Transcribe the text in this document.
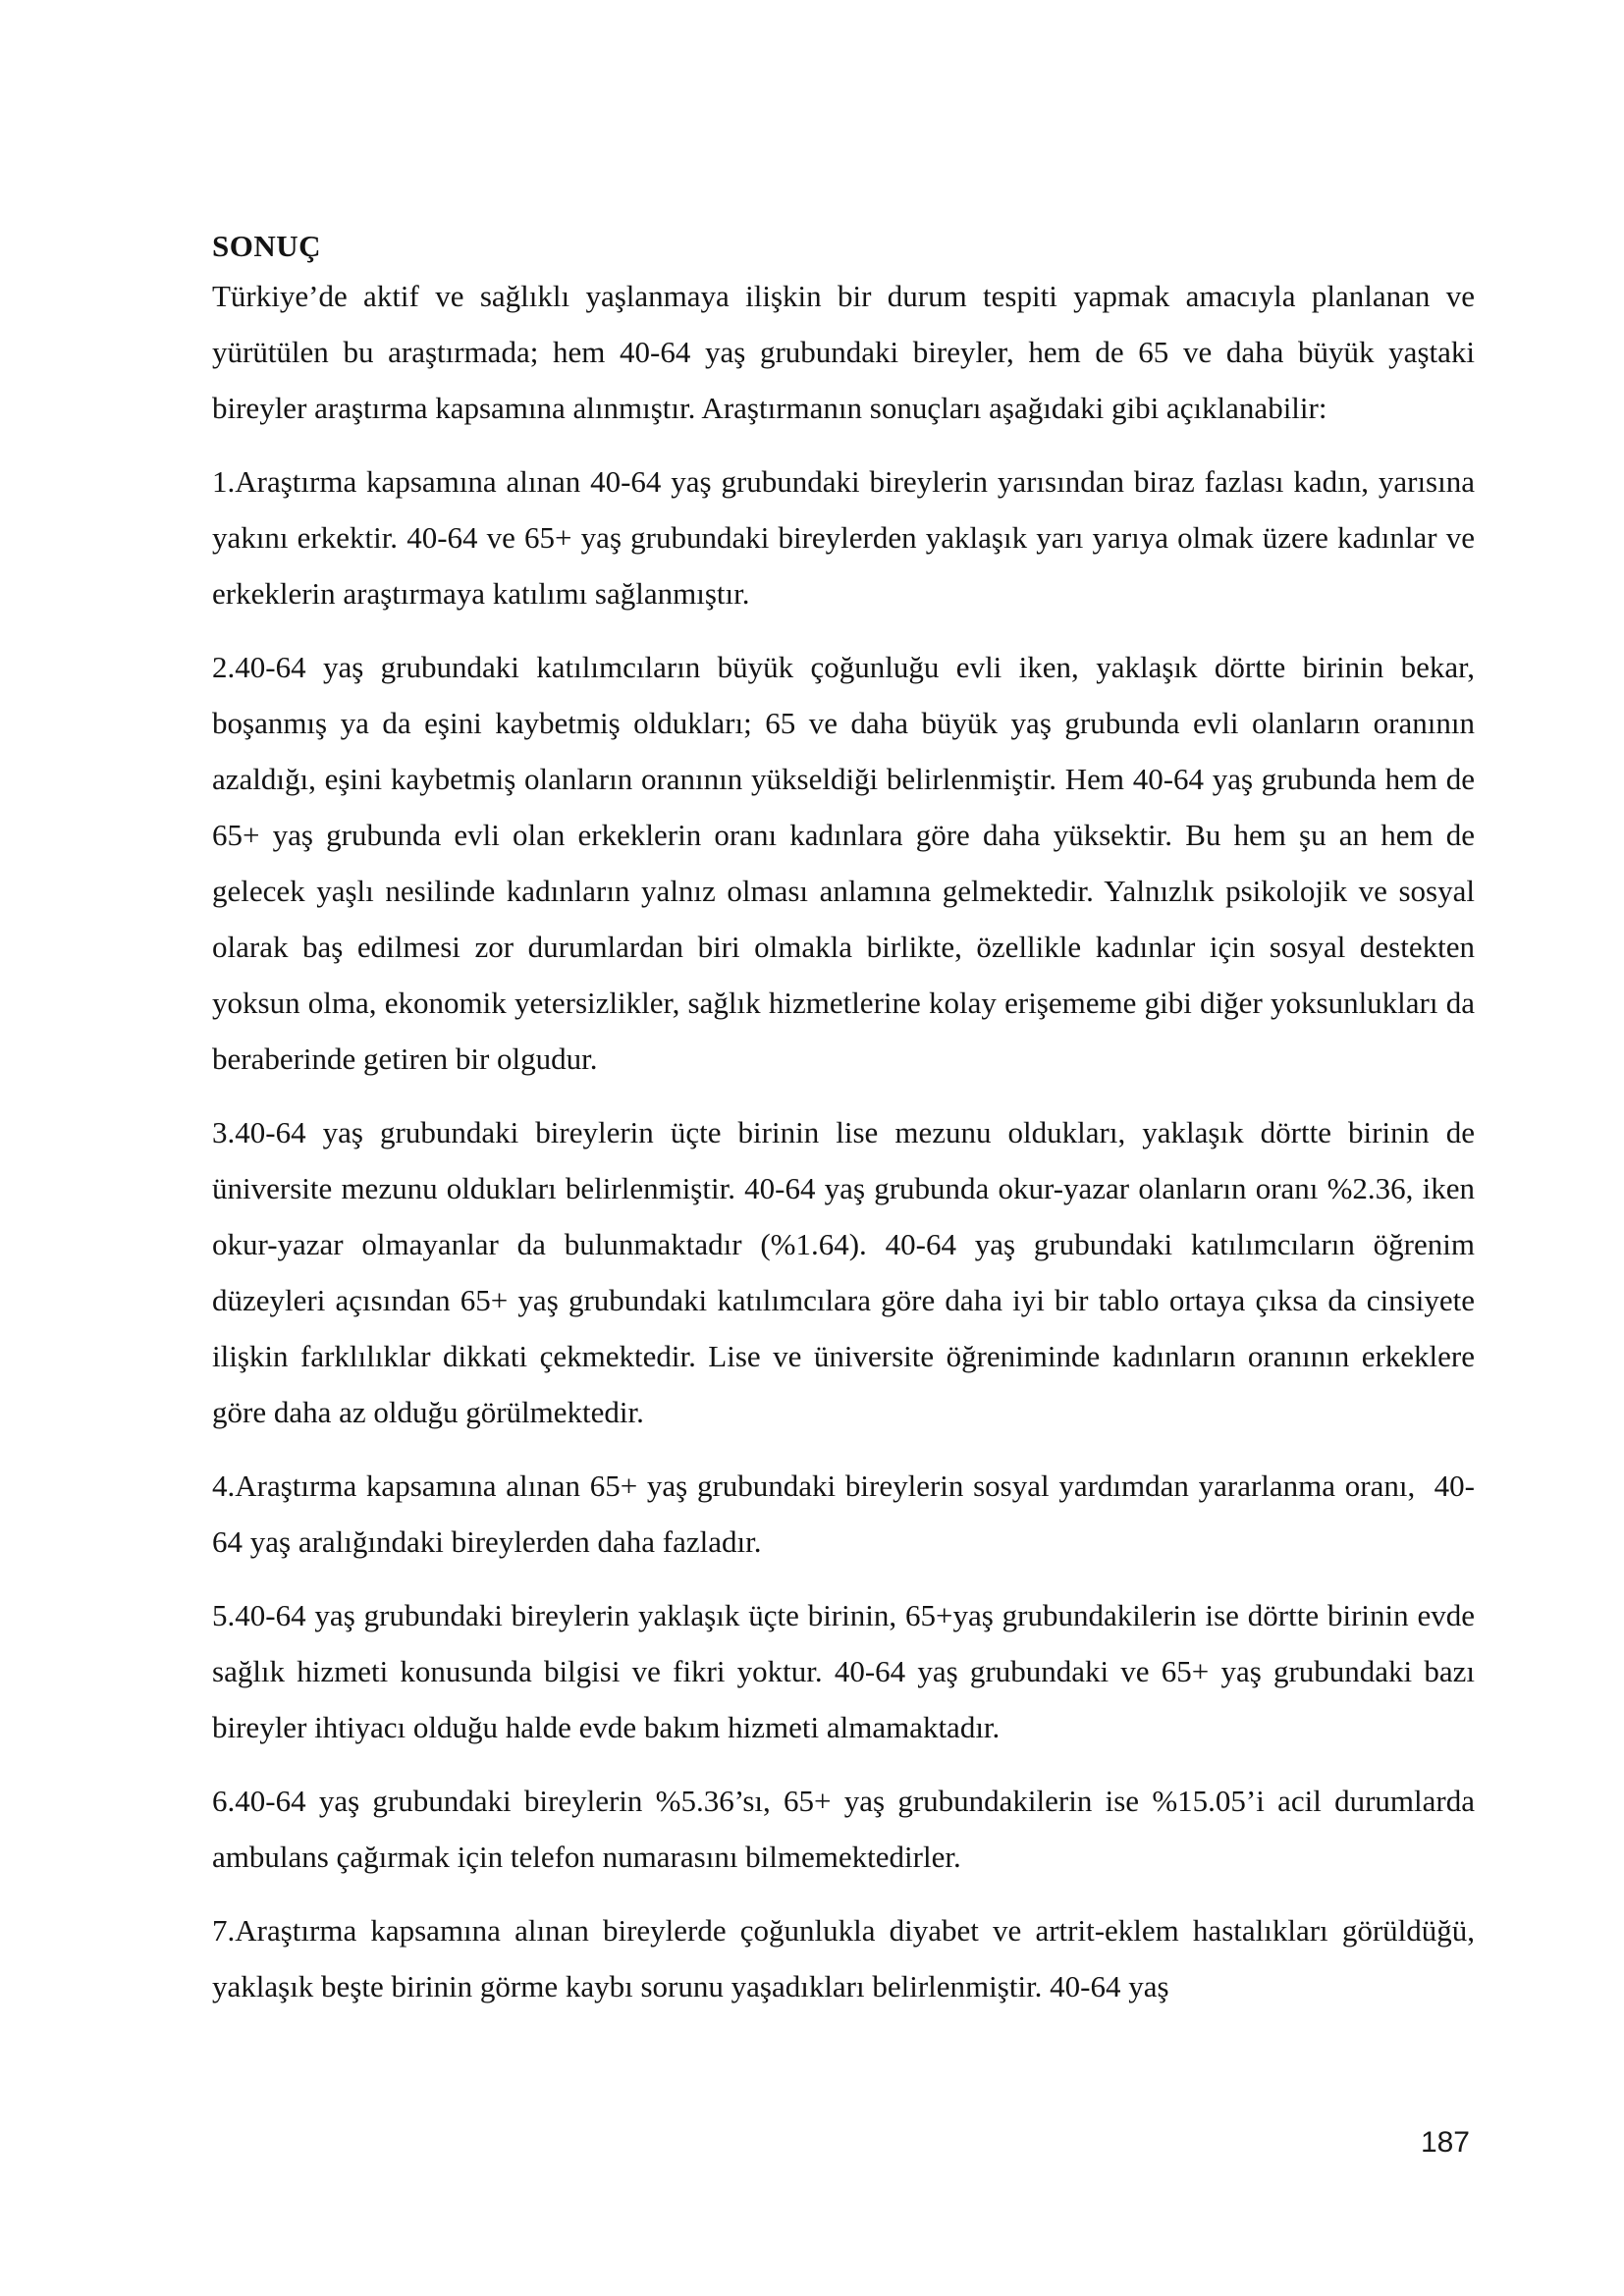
SONUÇ

Türkiye’de aktif ve sağlıklı yaşlanmaya ilişkin bir durum tespiti yapmak amacıyla planlanan ve yürütülen bu araştırmada; hem 40-64 yaş grubundaki bireyler, hem de 65 ve daha büyük yaştaki bireyler araştırma kapsamına alınmıştır. Araştırmanın sonuçları aşağıdaki gibi açıklanabilir:

1.Araştırma kapsamına alınan 40-64 yaş grubundaki bireylerin yarısından biraz fazlası kadın, yarısına yakını erkektir. 40-64 ve 65+ yaş grubundaki bireylerden yaklaşık yarı yarıya olmak üzere kadınlar ve erkeklerin araştırmaya katılımı sağlanmıştır.

2.40-64 yaş grubundaki katılımcıların büyük çoğunluğu evli iken, yaklaşık dörtte birinin bekar, boşanmış ya da eşini kaybetmiş oldukları; 65 ve daha büyük yaş grubunda evli olanların oranının azaldığı, eşini kaybetmiş olanların oranının yükseldiği belirlenmiştir. Hem 40-64 yaş grubunda hem de 65+ yaş grubunda evli olan erkeklerin oranı kadınlara göre daha yüksektir. Bu hem şu an hem de gelecek yaşlı nesilinde kadınların yalnız olması anlamına gelmektedir. Yalnızlık psikolojik ve sosyal olarak baş edilmesi zor durumlardan biri olmakla birlikte, özellikle kadınlar için sosyal destekten yoksun olma, ekonomik yetersizlikler, sağlık hizmetlerine kolay erişememe gibi diğer yoksunlukları da beraberinde getiren bir olgudur.

3.40-64 yaş grubundaki bireylerin üçte birinin lise mezunu oldukları, yaklaşık dörtte birinin de üniversite mezunu oldukları belirlenmiştir. 40-64 yaş grubunda okur-yazar olanların oranı %2.36, iken okur-yazar olmayanlar da bulunmaktadır (%1.64). 40-64 yaş grubundaki katılımcıların öğrenim düzeyleri açısından 65+ yaş grubundaki katılımcılara göre daha iyi bir tablo ortaya çıksa da cinsiyete ilişkin farklılıklar dikkati çekmektedir. Lise ve üniversite öğreniminde kadınların oranının erkeklere göre daha az olduğu görülmektedir.

4.Araştırma kapsamına alınan 65+ yaş grubundaki bireylerin sosyal yardımdan yararlanma oranı,  40-64 yaş aralığındaki bireylerden daha fazladır.

5.40-64 yaş grubundaki bireylerin yaklaşık üçte birinin, 65+yaş grubundakilerin ise dörtte birinin evde sağlık hizmeti konusunda bilgisi ve fikri yoktur. 40-64 yaş grubundaki ve 65+ yaş grubundaki bazı bireyler ihtiyacı olduğu halde evde bakım hizmeti almamaktadır.

6.40-64 yaş grubundaki bireylerin %5.36’sı, 65+ yaş grubundakilerin ise %15.05’i acil durumlarda ambulans çağırmak için telefon numarasını bilmemektedirler.

7.Araştırma kapsamına alınan bireylerde çoğunlukla diyabet ve artrit-eklem hastalıkları görüldüğü, yaklaşık beşte birinin görme kaybı sorunu yaşadıkları belirlenmiştir. 40-64 yaş

187
